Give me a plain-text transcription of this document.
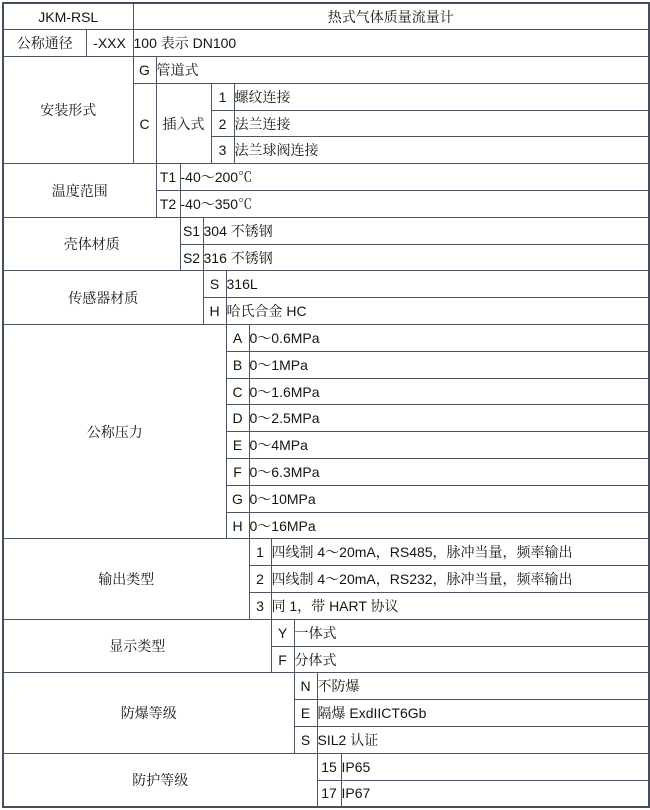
JKM-RSL		热式气体质量流量计											
公称通径	-XXX	100 表示 DN100											
安装形式		G	管道式										
		C	插入式			1		螺纹连接					
						2		法兰连接					
						3		法兰球阀连接					
温度范围			T1	-40～200℃									
			T2	-40～350℃									
壳体材质				S1	304 不锈钢								
				S2	316 不锈钢								
传感器材质					S		316L						
					H		哈氏合金 HC						
公称压力							A		0～0.6MPa				
							B		0～1MPa				
							C		0～1.6MPa				
							D		0～2.5MPa				
							E		0～4MPa				
							F		0～6.3MPa				
							G		0～10MPa				
							H		0～16MPa				
输出类型									1	四线制 4～20mA，RS485，脉冲当量，频率输出			
									2	四线制 4～20mA，RS232，脉冲当量，频率输出			
									3	同 1，带 HART 协议			
显示类型										Y	一体式		
										F	分体式		
防爆等级											N	不防爆	
											E	隔爆 ExdIICT6Gb	
											S	SIL2 认证	
防护等级												15	IP65
												17	IP67
